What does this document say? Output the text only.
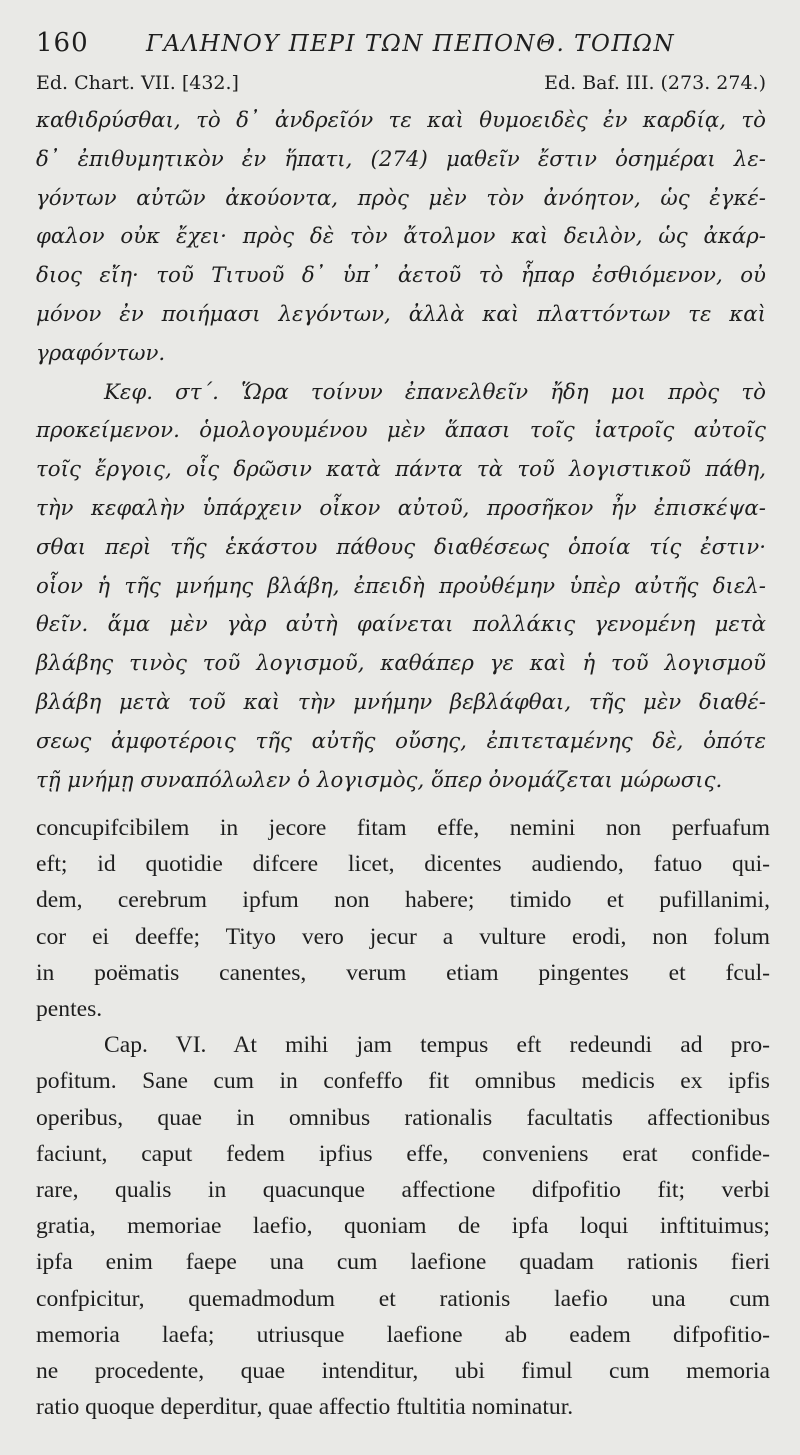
160	ΓΑΛΗΝΟΥ ΠΕΡΙ ΤΩΝ ΠΕΠΟΝΘ. ΤΟΠΩΝ
Ed. Chart. VII. [432.]	Ed. Baf. III. (273. 274.)
καθιδρύσθαι, τὸ δ᾽ ἀνδρεῖόν τε καὶ θυμοειδὲς ἐν καρδίᾳ, τὸ
δ᾽ ἐπιθυμητικὸν ἐν ἥπατι, (274) μαθεῖν ἔστιν ὁσημέραι λε-
γόντων αὐτῶν ἀκούοντα, πρὸς μὲν τὸν ἀνόητον, ὡς ἐγκέ-
φαλον οὐκ ἔχει· πρὸς δὲ τὸν ἄτολμον καὶ δειλὸν, ὡς ἀκάρ-
διος εἴη· τοῦ Τιτυοῦ δ᾽ ὑπ᾽ ἀετοῦ τὸ ἧπαρ ἐσθιόμενον, οὐ
μόνον ἐν ποιήμασι λεγόντων, ἀλλὰ καὶ πλαττόντων τε καὶ
γραφόντων.
Κεφ. στ΄. Ὥρα τοίνυν ἐπανελθεῖν ἤδη μοι πρὸς τὸ
προκείμενον. ὁμολογουμένου μὲν ἅπασι τοῖς ἰατροῖς αὐτοῖς
τοῖς ἔργοις, οἷς δρῶσιν κατὰ πάντα τὰ τοῦ λογιστικοῦ πάθη,
τὴν κεφαλὴν ὑπάρχειν οἶκον αὐτοῦ, προσῆκον ἦν ἐπισκέψα-
σθαι περὶ τῆς ἑκάστου πάθους διαθέσεως ὁποία τίς ἐστιν·
οἷον ἡ τῆς μνήμης βλάβη, ἐπειδὴ προὐθέμην ὑπὲρ αὐτῆς διελ-
θεῖν. ἅμα μὲν γὰρ αὐτὴ φαίνεται πολλάκις γενομένη μετὰ
βλάβης τινὸς τοῦ λογισμοῦ, καθάπερ γε καὶ ἡ τοῦ λογισμοῦ
βλάβη μετὰ τοῦ καὶ τὴν μνήμην βεβλάφθαι, τῆς μὲν διαθέ-
σεως ἀμφοτέροις τῆς αὐτῆς οὔσης, ἐπιτεταμένης δὲ, ὁπότε
τῇ μνήμῃ συναπόλωλεν ὁ λογισμὸς, ὅπερ ὀνομάζεται μώρωσις.
concupifcibilem in jecore fitam effe, nemini non perfuafum
eft; id quotidie difcere licet, dicentes audiendo, fatuo qui-
dem, cerebrum ipfum non habere; timido et pufillanimi,
cor ei deeffe; Tityo vero jecur a vulture erodi, non folum
in poëmatis canentes, verum etiam pingentes et fcul-
pentes.
Cap. VI. At mihi jam tempus eft redeundi ad pro-
pofitum. Sane cum in confeffo fit omnibus medicis ex ipfis
operibus, quae in omnibus rationalis facultatis affectionibus
faciunt, caput fedem ipfius effe, conveniens erat confide-
rare, qualis in quacunque affectione difpofitio fit; verbi
gratia, memoriae laefio, quoniam de ipfa loqui inftituimus;
ipfa enim faepe una cum laefione quadam rationis fieri
confpicitur, quemadmodum et rationis laefio una cum
memoria laefa; utriusque laefione ab eadem difpofitio-
ne procedente, quae intenditur, ubi fimul cum memoria
ratio quoque deperditur, quae affectio ftultitia nominatur.
